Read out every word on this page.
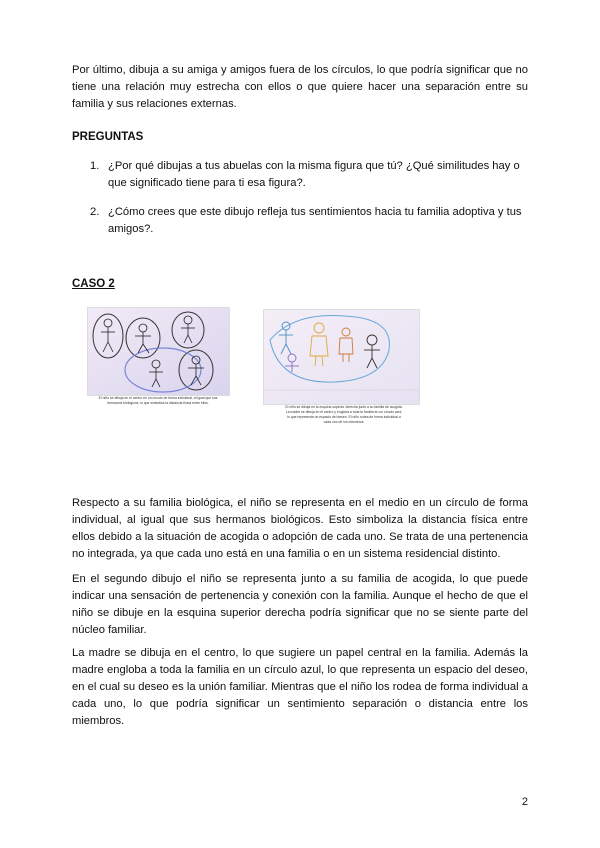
Por último, dibuja a su amiga y amigos fuera de los círculos, lo que podría significar que no tiene una relación muy estrecha con ellos o que quiere hacer una separación entre su familia y sus relaciones externas.

PREGUNTAS
1. ¿Por qué dibujas a tus abuelas con la misma figura que tú? ¿Qué similitudes hay o que significado tiene para ti esa figura?.
2. ¿Cómo crees que este dibujo refleja tus sentimientos hacia tu familia adoptiva y tus amigos?.
CASO 2
El niño se dibuja en el centro en un círculo de forma individual, al igual que sus hermanos biológicos, lo que simboliza la distancia física entre ellos.
El niño se dibuja en la esquina superior derecha junto a su familia de acogida. La madre se dibuja en el centro y engloba a toda la familia en un círculo azul, lo que representa un espacio del deseo. El niño rodea de forma individual a cada uno de los miembros.

Respecto a su familia biológica, el niño se representa en el medio en un círculo de forma individual, al igual que sus hermanos biológicos. Esto simboliza la distancia física entre ellos debido a la situación de acogida o adopción de cada uno. Se trata de una pertenencia no integrada, ya que cada uno está en una familia o en un sistema residencial distinto.

En el segundo dibujo el niño se representa junto a su familia de acogida, lo que puede indicar una sensación de pertenencia y conexión con la familia. Aunque el hecho de que el niño se dibuje en la esquina superior derecha podría significar que no se siente parte del núcleo familiar.

La madre se dibuja en el centro, lo que sugiere un papel central en la familia. Además la madre engloba a toda la familia en un círculo azul, lo que representa un espacio del deseo, en el cual su deseo es la unión familiar. Mientras que el niño los rodea de forma individual a cada uno, lo que podría significar un sentimiento separación o distancia entre los miembros.

2
